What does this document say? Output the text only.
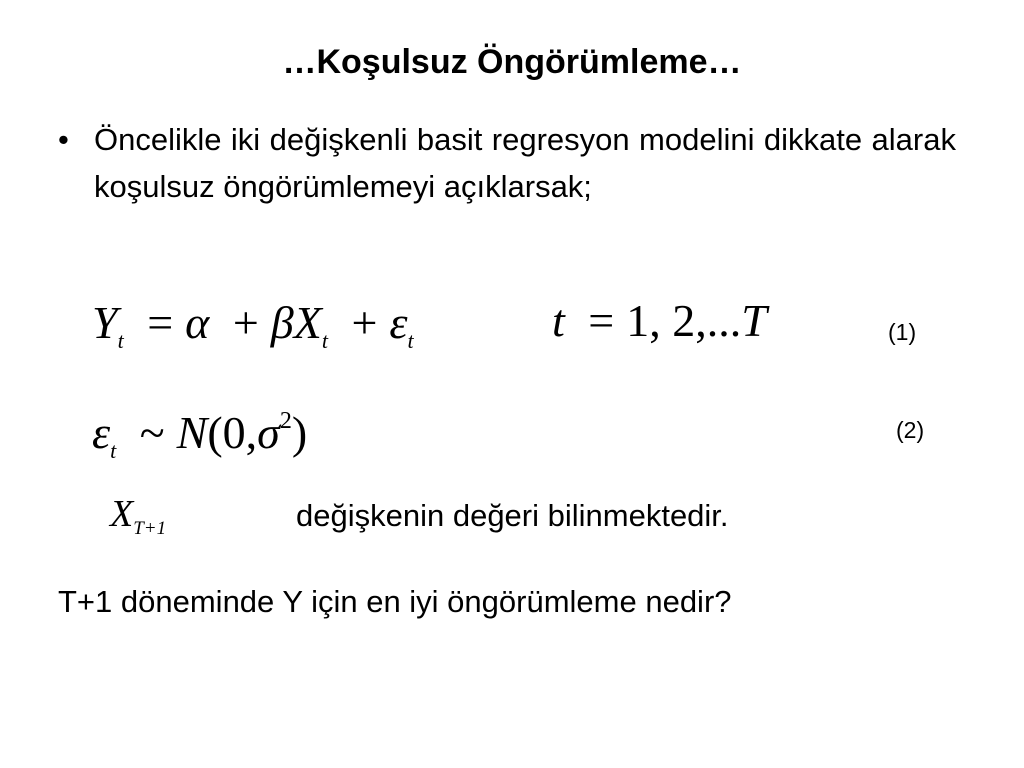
…Koşulsuz Öngörümleme…
• Öncelikle iki değişkenli basit regresyon modelini dikkate alarak koşulsuz öngörümlemeyi açıklarsak;
$Y_t = \alpha + \beta X_t + \varepsilon_t$	t = 1, 2,...T	(1)
$\varepsilon_t$ ~ $N(0,\sigma^2)$	(2)
$X_{T+1}$	değişkenin değeri bilinmektedir.
T+1 döneminde Y için en iyi öngörümleme nedir?
